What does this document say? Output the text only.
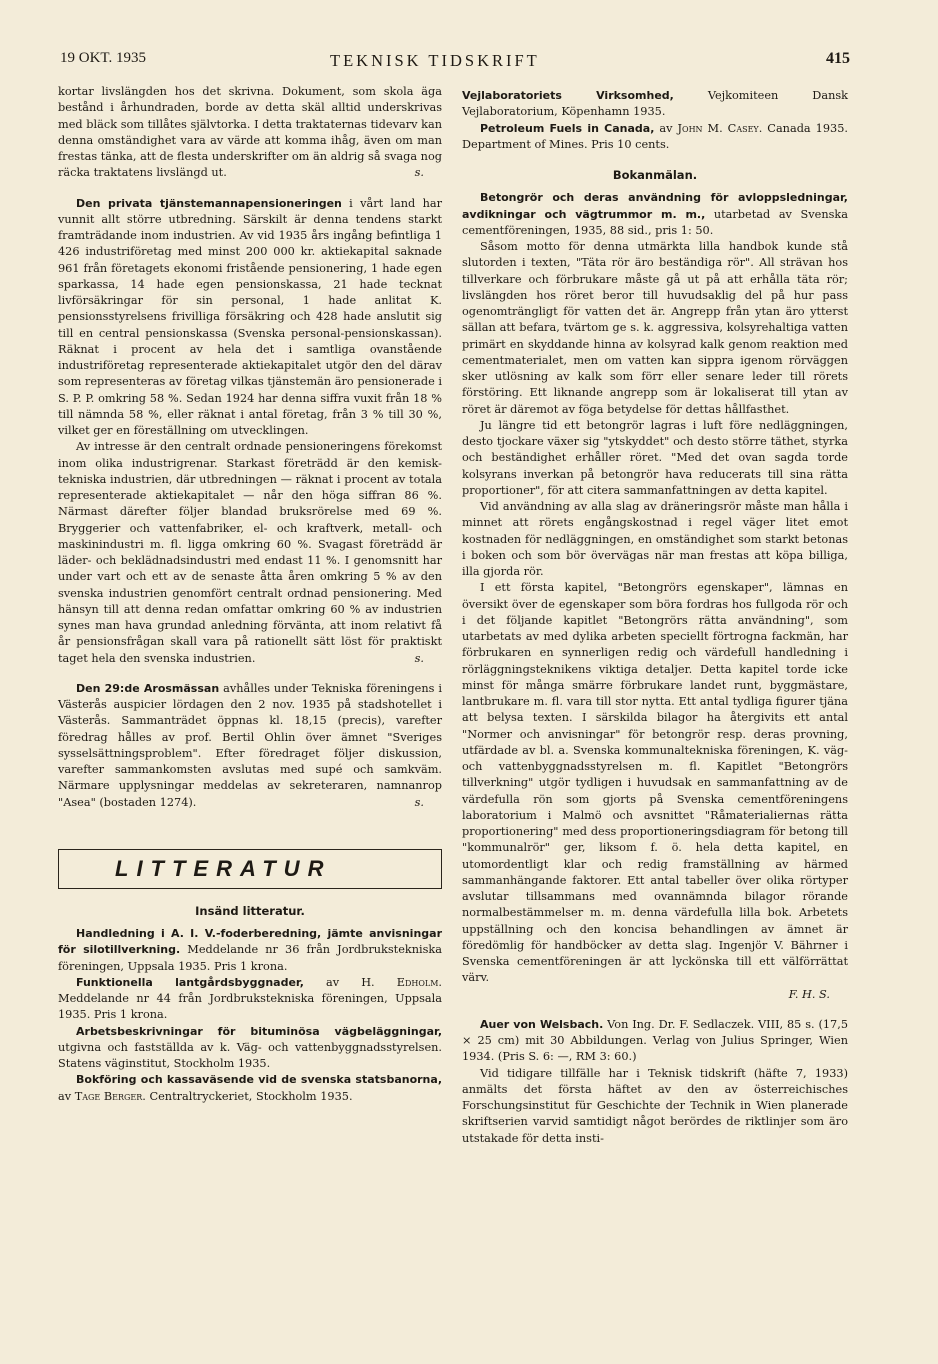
19 OKT. 1935	TEKNISK TIDSKRIFT	415

kortar livslängden hos det skrivna. Dokument, som skola äga bestånd i århundraden, borde av detta skäl alltid underskrivas med bläck som tillåtes självtorka. I detta traktaternas tidevarv kan denna omständighet vara av värde att komma ihåg, även om man frestas tänka, att de flesta underskrifter om än aldrig så svaga nog räcka traktatens livslängd ut.	s.

Den privata tjänstemannapensioneringen i vårt land har vunnit allt större utbredning. Särskilt är denna tendens starkt framträdande inom industrien. Av vid 1935 års ingång befintliga 1 426 industriföretag med minst 200 000 kr. aktiekapital saknade 961 från företagets ekonomi fristående pensionering, 1 hade egen sparkassa, 14 hade egen pensionskassa, 21 hade tecknat livförsäkringar för sin personal, 1 hade anlitat K. pensionsstyrelsens frivilliga försäkring och 428 hade anslutit sig till en central pensionskassa (Svenska personal-pensionskassan). Räknat i procent av hela det i samtliga ovanstående industriföretag representerade aktiekapitalet utgör den del därav som representeras av företag vilkas tjänstemän äro pensionerade i S. P. P. omkring 58 %. Sedan 1924 har denna siffra vuxit från 18 % till nämnda 58 %, eller räknat i antal företag, från 3 % till 30 %, vilket ger en föreställning om utvecklingen.

Av intresse är den centralt ordnade pensioneringens förekomst inom olika industrigrenar. Starkast företrädd är den kemisk-tekniska industrien, där utbredningen — räknat i procent av totala representerade aktiekapitalet — når den höga siffran 86 %. Närmast därefter följer blandad bruksrörelse med 69 %. Bryggerier och vattenfabriker, el- och kraftverk, metall- och maskinindustri m. fl. ligga omkring 60 %. Svagast företrädd är läder- och beklädnadsindustri med endast 11 %. I genomsnitt har under vart och ett av de senaste åtta åren omkring 5 % av den svenska industrien genomfört centralt ordnad pensionering. Med hänsyn till att denna redan omfattar omkring 60 % av industrien synes man hava grundad anledning förvänta, att inom relativt få år pensionsfrågan skall vara på rationellt sätt löst för praktiskt taget hela den svenska industrien.	s.

Den 29:de Arosmässan avhålles under Tekniska föreningens i Västerås auspicier lördagen den 2 nov. 1935 på stadshotellet i Västerås. Sammanträdet öppnas kl. 18,15 (precis), varefter föredrag hålles av prof. Bertil Ohlin över ämnet "Sveriges sysselsättningsproblem". Efter föredraget följer diskussion, varefter sammankomsten avslutas med supé och samkväm. Närmare upplysningar meddelas av sekreteraren, namnanrop "Asea" (bostaden 1274).	s.

LITTERATUR

Insänd litteratur.

Handledning i A. I. V.-foderberedning, jämte anvisningar för silotillverkning. Meddelande nr 36 från Jordbrukstekniska föreningen, Uppsala 1935. Pris 1 krona.

Funktionella lantgårdsbyggnader, av H. Edholm. Meddelande nr 44 från Jordbrukstekniska föreningen, Uppsala 1935. Pris 1 krona.

Arbetsbeskrivningar för bituminösa vägbeläggningar, utgivna och fastställda av k. Väg- och vattenbyggnadsstyrelsen. Statens väginstitut, Stockholm 1935.

Bokföring och kassaväsende vid de svenska statsbanorna, av Tage Berger. Centraltryckeriet, Stockholm 1935.

Vejlaboratoriets Virksomhed, Vejkomiteen Dansk Vejlaboratorium, Köpenhamn 1935.

Petroleum Fuels in Canada, av John M. Casey. Canada 1935. Department of Mines. Pris 10 cents.

Bokanmälan.

Betongrör och deras användning för avloppsledningar, avdikningar och vägtrummor m. m., utarbetad av Svenska cementföreningen, 1935, 88 sid., pris 1: 50.

Såsom motto för denna utmärkta lilla handbok kunde stå slutorden i texten, "Täta rör äro beständiga rör". All strävan hos tillverkare och förbrukare måste gå ut på att erhålla täta rör; livslängden hos röret beror till huvudsaklig del på hur pass ogenomträngligt för vatten det är. Angrepp från ytan äro ytterst sällan att befara, tvärtom ge s. k. aggressiva, kolsyrehaltiga vatten primärt en skyddande hinna av kolsyrad kalk genom reaktion med cementmaterialet, men om vatten kan sippra igenom rörväggen sker utlösning av kalk som förr eller senare leder till rörets förstöring. Ett liknande angrepp som är lokaliserat till ytan av röret är däremot av föga betydelse för dettas hållfasthet.

Ju längre tid ett betongrör lagras i luft före nedläggningen, desto tjockare växer sig "ytskyddet" och desto större täthet, styrka och beständighet erhåller röret. "Med det ovan sagda torde kolsyrans inverkan på betongrör hava reducerats till sina rätta proportioner", för att citera sammanfattningen av detta kapitel.

Vid användning av alla slag av dräneringsrör måste man hålla i minnet att rörets engångskostnad i regel väger litet emot kostnaden för nedläggningen, en omständighet som starkt betonas i boken och som bör övervägas när man frestas att köpa billiga, illa gjorda rör.

I ett första kapitel, "Betongrörs egenskaper", lämnas en översikt över de egenskaper som böra fordras hos fullgoda rör och i det följande kapitlet "Betongrörs rätta användning", som utarbetats av med dylika arbeten speciellt förtrogna fackmän, har förbrukaren en synnerligen redig och värdefull handledning i rörläggningsteknikens viktiga detaljer. Detta kapitel torde icke minst för många smärre förbrukare landet runt, byggmästare, lantbrukare m. fl. vara till stor nytta. Ett antal tydliga figurer tjäna att belysa texten. I särskilda bilagor ha återgivits ett antal "Normer och anvisningar" för betongrör resp. deras provning, utfärdade av bl. a. Svenska kommunaltekniska föreningen, K. väg- och vattenbyggnadsstyrelsen m. fl. Kapitlet "Betongrörs tillverkning" utgör tydligen i huvudsak en sammanfattning av de värdefulla rön som gjorts på Svenska cementföreningens laboratorium i Malmö och avsnittet "Råmaterialiernas rätta proportionering" med dess proportioneringsdiagram för betong till "kommunalrör" ger, liksom f. ö. hela detta kapitel, en utomordentligt klar och redig framställning av härmed sammanhängande faktorer. Ett antal tabeller över olika rörtyper avslutar tillsammans med ovannämnda bilagor rörande normalbestämmelser m. m. denna värdefulla lilla bok. Arbetets uppställning och den koncisa behandlingen av ämnet är föredömlig för handböcker av detta slag. Ingenjör V. Bährner i Svenska cementföreningen är att lyckönska till ett välförrättat värv.

F. H. S.

Auer von Welsbach. Von Ing. Dr. F. Sedlaczek. VIII, 85 s. (17,5 × 25 cm) mit 30 Abbildungen. Verlag von Julius Springer, Wien 1934. (Pris S. 6: —, RM 3: 60.)

Vid tidigare tillfälle har i Teknisk tidskrift (häfte 7, 1933) anmälts det första häftet av den av österreichisches Forschungsinstitut für Geschichte der Technik in Wien planerade skriftserien varvid samtidigt något berördes de riktlinjer som äro utstakade för detta insti-
